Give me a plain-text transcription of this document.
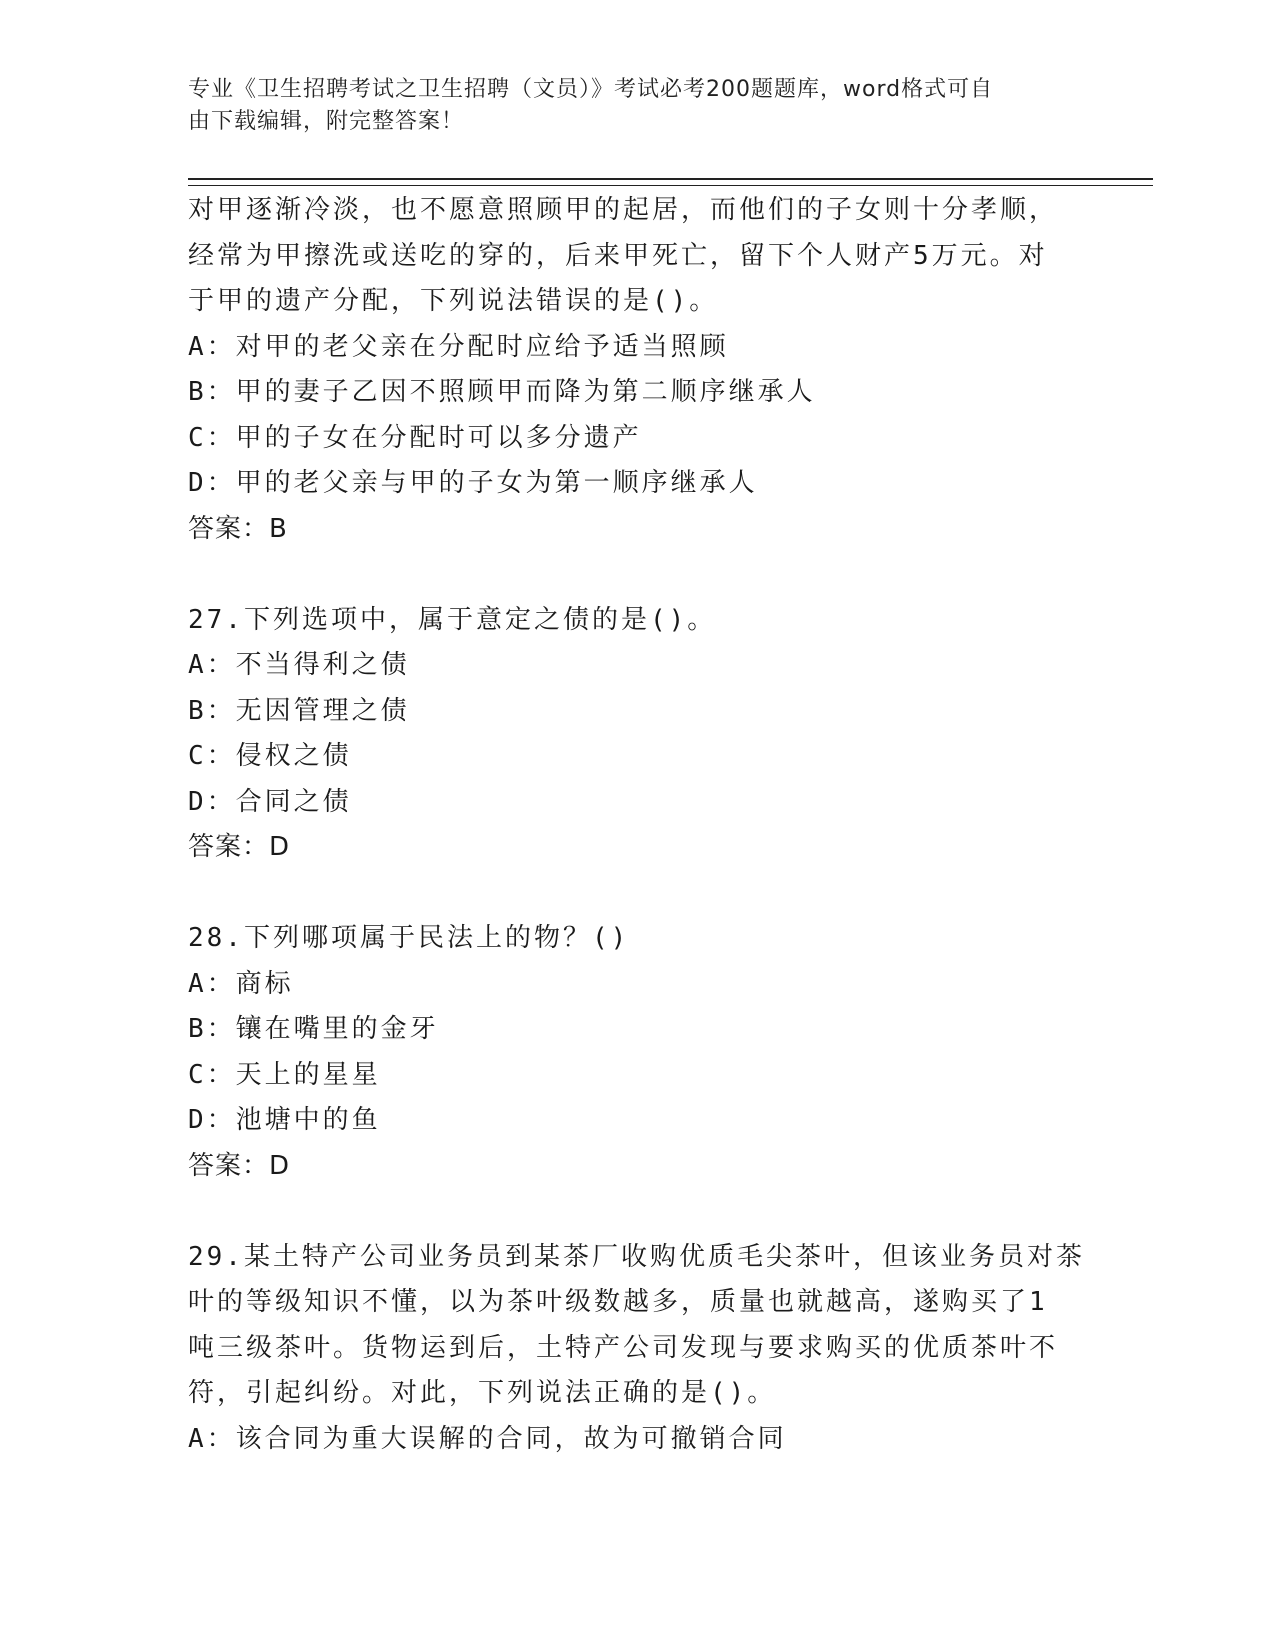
专业《卫生招聘考试之卫生招聘（文员）》考试必考200题题库，word格式可自
由下载编辑，附完整答案！
对甲逐渐冷淡，也不愿意照顾甲的起居，而他们的子女则十分孝顺，
经常为甲擦洗或送吃的穿的，后来甲死亡，留下个人财产5万元。对
于甲的遗产分配，下列说法错误的是()。
A：对甲的老父亲在分配时应给予适当照顾
B：甲的妻子乙因不照顾甲而降为第二顺序继承人
C：甲的子女在分配时可以多分遗产
D：甲的老父亲与甲的子女为第一顺序继承人
答案：B
27.下列选项中，属于意定之债的是()。
A：不当得利之债
B：无因管理之债
C：侵权之债
D：合同之债
答案：D
28.下列哪项属于民法上的物？()
A：商标
B：镶在嘴里的金牙
C：天上的星星
D：池塘中的鱼
答案：D
29.某土特产公司业务员到某茶厂收购优质毛尖茶叶，但该业务员对茶
叶的等级知识不懂，以为茶叶级数越多，质量也就越高，遂购买了1
吨三级茶叶。货物运到后，土特产公司发现与要求购买的优质茶叶不
符，引起纠纷。对此，下列说法正确的是()。
A：该合同为重大误解的合同，故为可撤销合同
